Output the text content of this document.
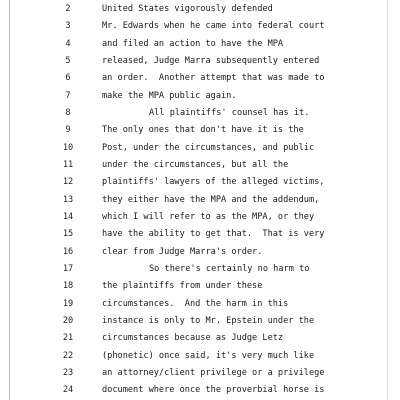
2
3
4
5
6
7
8
9
10
11
12
13
14
15
16
17
18
19
20
21
22
23
24
United States vigorously defended
Mr. Edwards when he came into federal court
and filed an action to have the MPA
released, Judge Marra subsequently entered
an order.  Another attempt that was made to
make the MPA public again.
All plaintiffs' counsel has it.
The only ones that don't have it is the
Post, under the circumstances, and public
under the circumstances, but all the
plaintiffs' lawyers of the alleged victims,
they either have the MPA and the addendum,
which I will refer to as the MPA, or they
have the ability to get that.  That is very
clear from Judge Marra's order.
So there's certainly no harm to
the plaintiffs from under these
circumstances.  And the harm in this
instance is only to Mr. Epstein under the
circumstances because as Judge Letz
(phonetic) once said, it's very much like
an attorney/client privilege or a privilege
document where once the proverbial horse is
